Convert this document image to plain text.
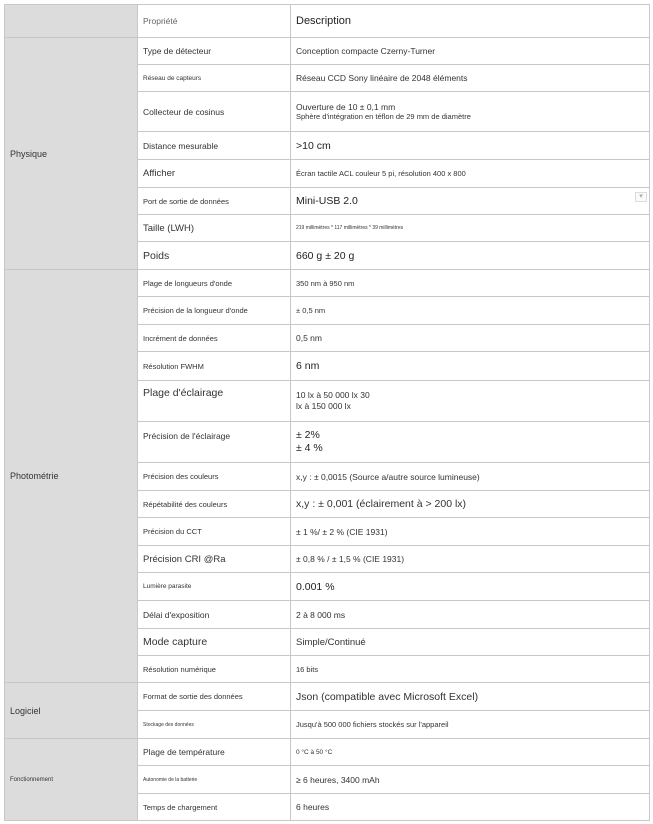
	Propriété	Description
Physique	Type de détecteur	Conception compacte Czerny-Turner
	Réseau de capteurs	Réseau CCD Sony linéaire de 2048 éléments
	Collecteur de cosinus	Ouverture de 10 ± 0,1 mm
Sphère d'intégration en téflon de 29 mm de diamètre

	Distance mesurable	>10 cm
	Afficher	Écran tactile ACL couleur 5 pi, résolution 400 x 800
	Port de sortie de données	Mini-USB 2.0 ▾

	Taille (LWH)	219 millimètres * 117 millimètres * 39 millimètres
	Poids	660 g ± 20 g
Photométrie	Plage de longueurs d'onde	350 nm à 950 nm
	Précision de la longueur d'onde	± 0,5 nm
	Incrément de données	0,5 nm
	Résolution FWHM	6 nm
	Plage d'éclairage	10 lx à 50 000 lx 30
lx à 150 000 lx

	Précision de l'éclairage	± 2%
± 4 %

	Précision des couleurs	x,y : ± 0,0015 (Source a/autre source lumineuse)
	Répétabilité des couleurs	x,y : ± 0,001 (éclairement à > 200 lx)
	Précision du CCT	± 1 %/ ± 2 % (CIE 1931)
	Précision CRI @Ra	± 0,8 % / ± 1,5 % (CIE 1931)
	Lumière parasite	0.001 %
	Délai d'exposition	2 à 8 000 ms
	Mode capture	Simple/Continué
	Résolution numérique	16 bits
Logiciel	Format de sortie des données	Json (compatible avec Microsoft Excel)
	Stockage des données	Jusqu'à 500 000 fichiers stockés sur l'appareil
Fonctionnement	Plage de température	0 °C à 50 °C
	Autonomie de la batterie	≥ 6 heures, 3400 mAh
	Temps de chargement	6 heures
